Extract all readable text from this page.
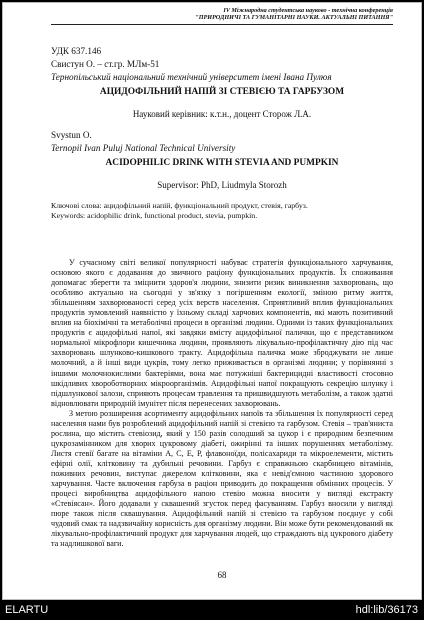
IV Міжнародна студентська науково - технічна конференція
"ПРИРОДНИЧІ ТА ГУМАНІТАРНІ НАУКИ. АКТУАЛЬНІ ПИТАННЯ"
УДК 637.146
Свистун О. – ст.гр. МЛм-51
Тернопільський національний технічний університет імені Івана Пулюя
АЦИДОФІЛЬНИЙ НАПІЙ ЗІ СТЕВІЄЮ ТА ГАРБУЗОМ
Науковий керівник: к.т.н., доцент Сторож Л.А.
Svystun O.
Ternopil Ivan Puluj National Technical University
ACIDOPHILIC DRINK WITH STEVIA AND PUMPKIN
Supervisor: PhD, Liudmyla Storozh
Ключові слова: ацидофільний напій, функціональний продукт, стевія, гарбуз.
Keywords: acidophilic drink, functional product, stevia, pumpkin.

У сучасному світі великої популярності набуває стратегія функціонального харчування, основою якого є додавання до звичного раціону функціональних продуктів. Їх споживання допомагає зберегти та зміцнити здоров'я людини, знизити ризик виникнення захворювань, що особливо актуально на сьогодні у зв'язку з погіршенням екології, зміною ритму життя, збільшенням захворюваності серед усіх верств населення. Сприятливий вплив функціональних продуктів зумовлений наявністю у їхньому складі харчових компонентів, які мають позитивний вплив на біохімічні та метаболічні процеси в організмі людини. Одними із таких функціональних продуктів є ацидофільні напої, які завдяки вмісту ацидофільної палички, що є представником нормальної мікрофлори кишечника людини, проявляють лікувально-профілактичну дію під час захворювань шлунково-кишкового тракту. Ацидофільна паличка може зброджувати не лише молочний, а й інші види цукрів, тому легко приживається в організмі людини; у порівнянні з іншими молочнокислими бактеріями, вона має потужніші бактерицидні властивості стосовно шкідливих хвороботворних мікроорганізмів. Ацидофільні напої покращують секрецію шлунку і підшлункової залози, сприяють процесам травлення та пришвидшують метаболізм, а також здатні відновлювати природній імунітет після перенесених захворювань.

З метою розширення асортименту ацидофільних напоїв та збільшення їх популярності серед населення нами був розроблений ацидофільний напій зі стевією та гарбузом. Стевія – трав'яниста рослина, що містить стевіозид, який у 150 разів солодший за цукор і є природним безпечним цукрозамінником для хворих цукровому діабеті, ожирінні та інших порушеннях метаболізму. Листя стевії багате на вітаміни А, С, Е, Р, флавоноїди, полісахариди та мікроелементи, містить ефірні олії, клітковину та дубильні речовини. Гарбуз є справжньою скарбницею вітамінів, поживних речовин, виступає джерелом клітковини, яка є невід'ємною частиною здорового харчування. Часте включення гарбуза в раціон приводить до покращення обмінних процесів. У процесі виробництва ацидофільного напою стевію можна вносити у вигляді екстракту «Стевіясан». Його додавали у сквашений згусток перед фасуванням. Гарбуз вносили у вигляді пюре також після сквашування. Ацидофільний напій зі стевією та гарбузом поєднує у собі чудовий смак та надзвичайну корисність для організму людини. Він може бути рекомендований як лікувально-профілактичний продукт для харчування людей, що страждають від цукрового діабету та надлишкової ваги.

68
ELARTU	hdl:lib/36173
